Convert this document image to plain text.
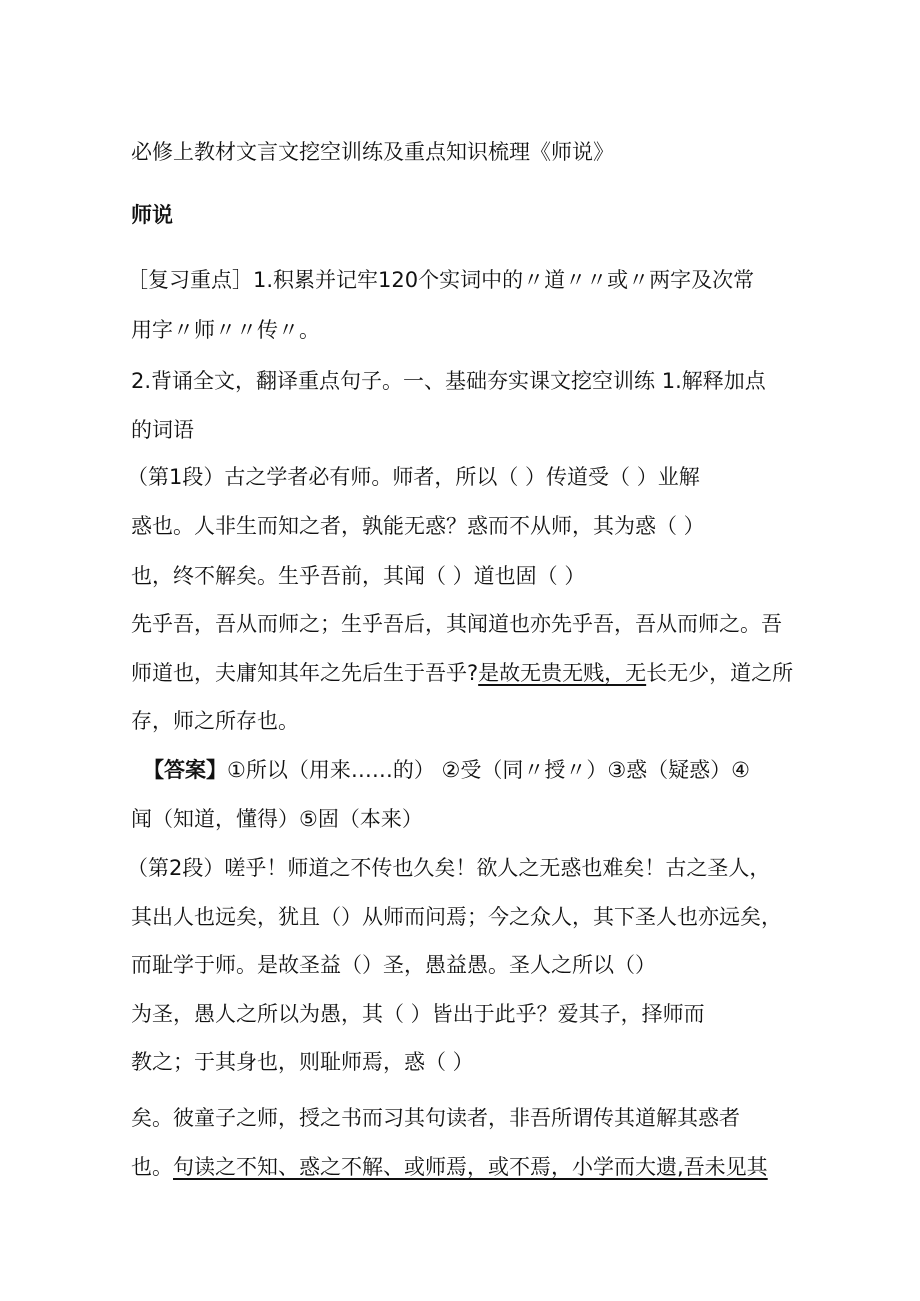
必修上教材文言文挖空训练及重点知识梳理《师说》
师说
［复习重点］1.积累并记牢120个实词中的〃道〃〃或〃两字及次常
用字〃师〃〃传〃。
2.背诵全文，翻译重点句子。一、基础夯实课文挖空训练 1.解释加点
的词语
（第1段）古之学者必有师。师者，所以（ ）传道受（ ）业解
惑也。人非生而知之者，孰能无惑？惑而不从师，其为惑（ ）
也，终不解矣。生乎吾前，其闻（ ）道也固（ ）
先乎吾，吾从而师之；生乎吾后，其闻道也亦先乎吾，吾从而师之。吾
师道也，夫庸知其年之先后生于吾乎?是故无贵无贱，无长无少，道之所
存，师之所存也。
【答案】①所以（用来……的） ②受（同〃授〃）③惑（疑惑）④
闻（知道，懂得）⑤固（本来）
（第2段）嗟乎！师道之不传也久矣！欲人之无惑也难矣！古之圣人，
其出人也远矣，犹且（）从师而问焉；今之众人，其下圣人也亦远矣，
而耻学于师。是故圣益（）圣，愚益愚。圣人之所以（）
为圣，愚人之所以为愚，其（ ）皆出于此乎？爱其子，择师而
教之；于其身也，则耻师焉，惑（ ）
矣。彼童子之师，授之书而习其句读者，非吾所谓传其道解其惑者
也。句读之不知、惑之不解、或师焉，或不焉，小学而大遗,吾未见其
